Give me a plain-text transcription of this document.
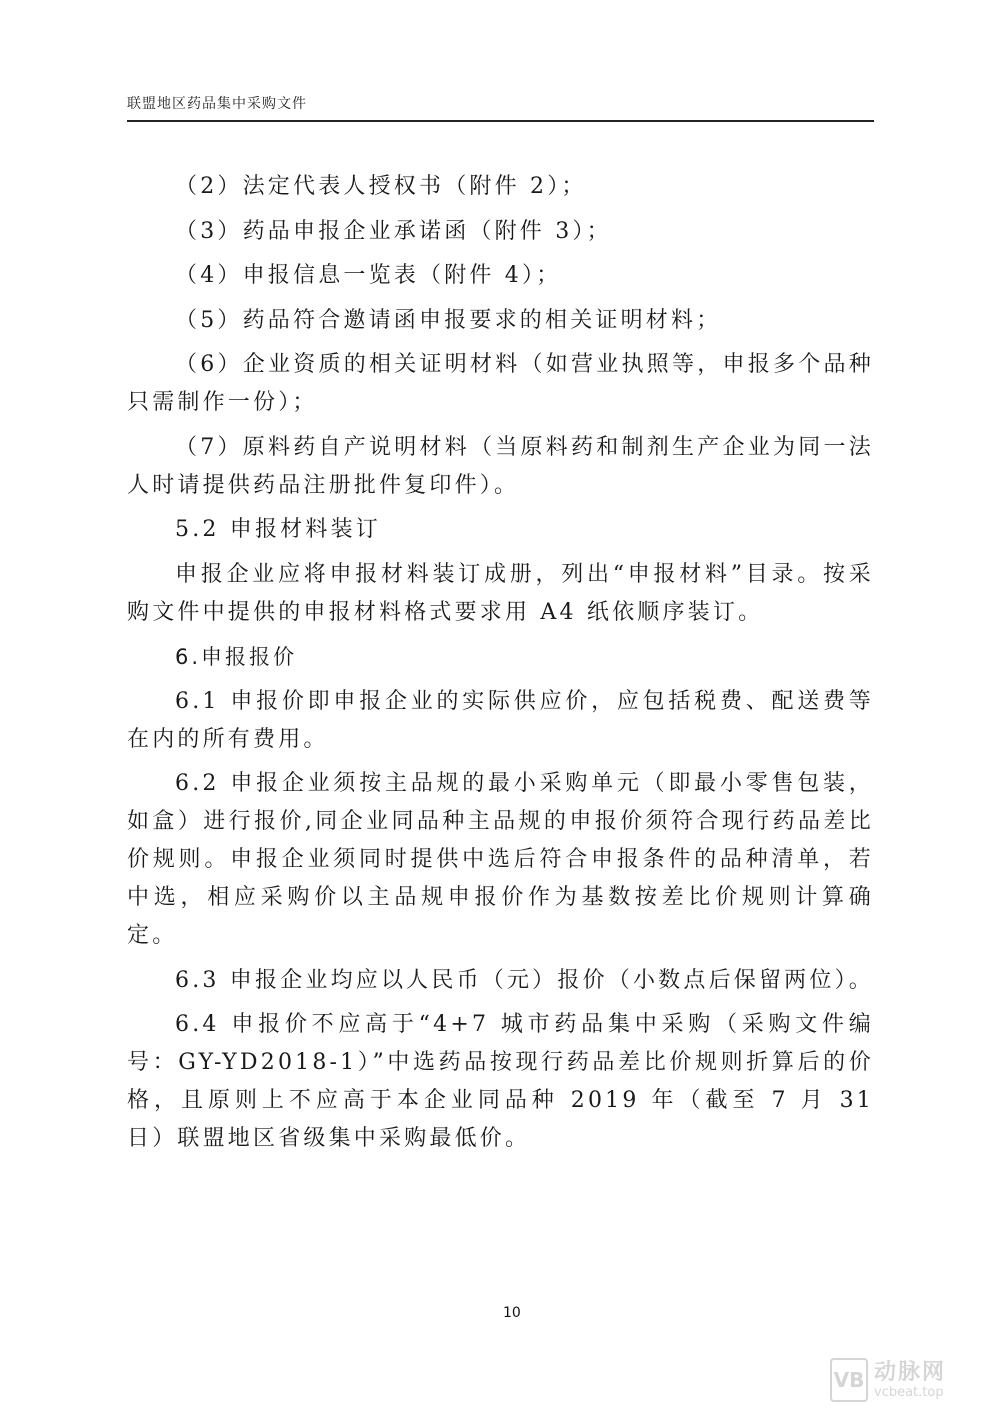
联盟地区药品集中采购文件

（2）法定代表人授权书（附件 2）；

（3）药品申报企业承诺函（附件 3）；

（4）申报信息一览表（附件 4）；

（5）药品符合邀请函申报要求的相关证明材料；

（6）企业资质的相关证明材料（如营业执照等，申报多个品种只需制作一份）；

（7）原料药自产说明材料（当原料药和制剂生产企业为同一法人时请提供药品注册批件复印件）。

5.2 申报材料装订

申报企业应将申报材料装订成册，列出“申报材料”目录。按采购文件中提供的申报材料格式要求用 A4 纸依顺序装订。

6.申报报价

6.1 申报价即申报企业的实际供应价，应包括税费、配送费等在内的所有费用。

6.2 申报企业须按主品规的最小采购单元（即最小零售包装，如盒）进行报价,同企业同品种主品规的申报价须符合现行药品差比价规则。申报企业须同时提供中选后符合申报条件的品种清单，若中选，相应采购价以主品规申报价作为基数按差比价规则计算确定。

6.3 申报企业均应以人民币（元）报价（小数点后保留两位）。

6.4 申报价不应高于“4+7 城市药品集中采购（采购文件编号：GY-YD2018-1）”中选药品按现行药品差比价规则折算后的价格，且原则上不应高于本企业同品种 2019 年（截至 7 月 31 日）联盟地区省级集中采购最低价。

10
VB 动脉网
vcbeat.top
